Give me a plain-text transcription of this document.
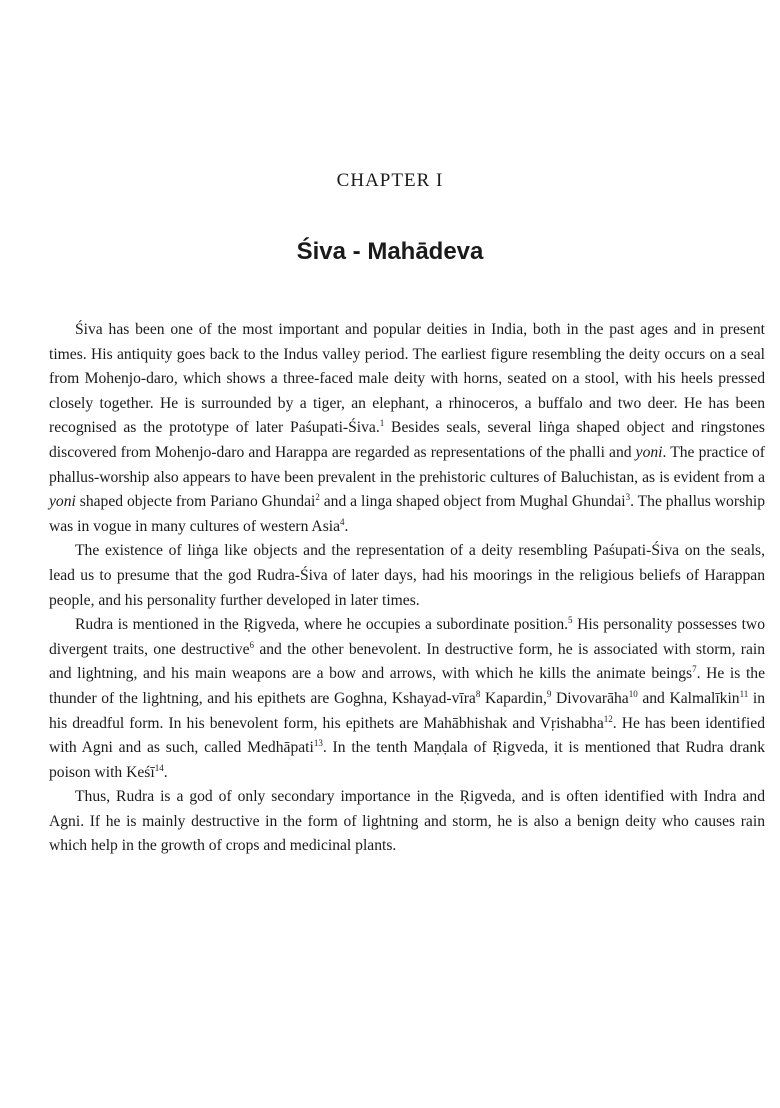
CHAPTER I
Śiva - Mahādeva

Śiva has been one of the most important and popular deities in India, both in the past ages and in present times. His antiquity goes back to the Indus valley period. The earliest figure resembling the deity occurs on a seal from Mohenjo-daro, which shows a three-faced male deity with horns, seated on a stool, with his heels pressed closely together. He is surrounded by a tiger, an elephant, a rhinoceros, a buffalo and two deer. He has been recognised as the prototype of later Paśupati-Śiva.$^1$ Besides seals, several liṅga shaped object and ringstones discovered from Mohenjo-daro and Harappa are regarded as representations of the phalli and yoni. The practice of phallus-worship also appears to have been prevalent in the prehistoric cultures of Baluchistan, as is evident from a yoni shaped objecte from Pariano Ghundai$^2$ and a linga shaped object from Mughal Ghundai$^3$. The phallus worship was in vogue in many cultures of western Asia$^4$.

The existence of liṅga like objects and the representation of a deity resembling Paśupati-Śiva on the seals, lead us to presume that the god Rudra-Śiva of later days, had his moorings in the religious beliefs of Harappan people, and his personality further developed in later times.

Rudra is mentioned in the Ṛigveda, where he occupies a subordinate position.$^5$ His personality possesses two divergent traits, one destructive$^6$ and the other benevolent. In destructive form, he is associated with storm, rain and lightning, and his main weapons are a bow and arrows, with which he kills the animate beings$^7$. He is the thunder of the lightning, and his epithets are Goghna, Kshayad-vīra$^8$ Kapardin,$^9$ Divovarāha$^{10}$ and Kalmalīkin$^{11}$ in his dreadful form. In his benevolent form, his epithets are Mahābhishak and Vṛishabha$^{12}$. He has been identified with Agni and as such, called Medhāpati$^{13}$. In the tenth Maṇḍala of Ṛigveda, it is mentioned that Rudra drank poison with Keśī$^{14}$.

Thus, Rudra is a god of only secondary importance in the Ṛigveda, and is often identified with Indra and Agni. If he is mainly destructive in the form of lightning and storm, he is also a benign deity who causes rain which help in the growth of crops and medicinal plants.
